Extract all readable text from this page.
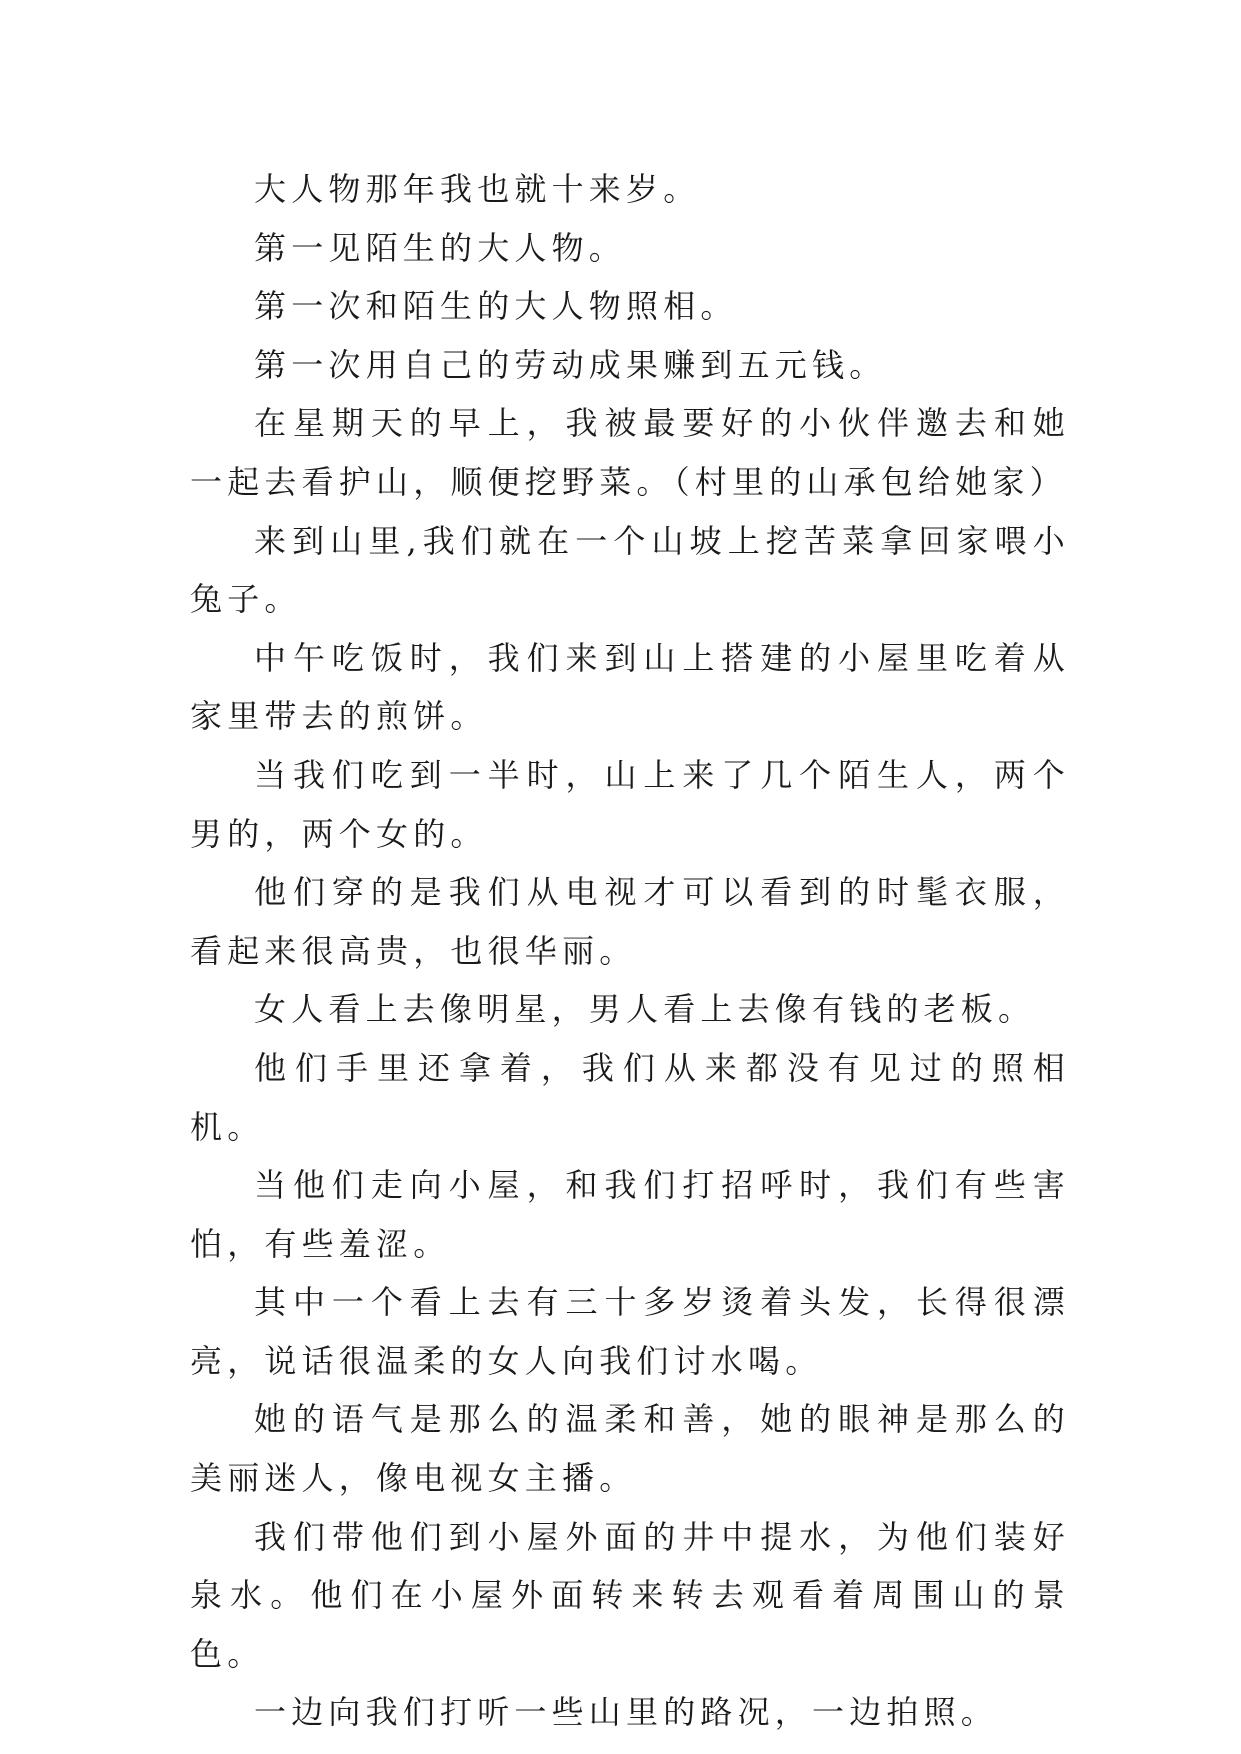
大人物那年我也就十来岁。

第一见陌生的大人物。

第一次和陌生的大人物照相。

第一次用自己的劳动成果赚到五元钱。

在星期天的早上，我被最要好的小伙伴邀去和她一起去看护山，顺便挖野菜。（村里的山承包给她家）

来到山里,我们就在一个山坡上挖苦菜拿回家喂小兔子。

中午吃饭时，我们来到山上搭建的小屋里吃着从家里带去的煎饼。

当我们吃到一半时，山上来了几个陌生人，两个男的，两个女的。

他们穿的是我们从电视才可以看到的时髦衣服，看起来很高贵，也很华丽。

女人看上去像明星，男人看上去像有钱的老板。

他们手里还拿着，我们从来都没有见过的照相机。

当他们走向小屋，和我们打招呼时，我们有些害怕，有些羞涩。

其中一个看上去有三十多岁烫着头发，长得很漂亮，说话很温柔的女人向我们讨水喝。

她的语气是那么的温柔和善，她的眼神是那么的美丽迷人，像电视女主播。

我们带他们到小屋外面的井中提水，为他们装好泉水。他们在小屋外面转来转去观看着周围山的景色。

一边向我们打听一些山里的路况，一边拍照。
